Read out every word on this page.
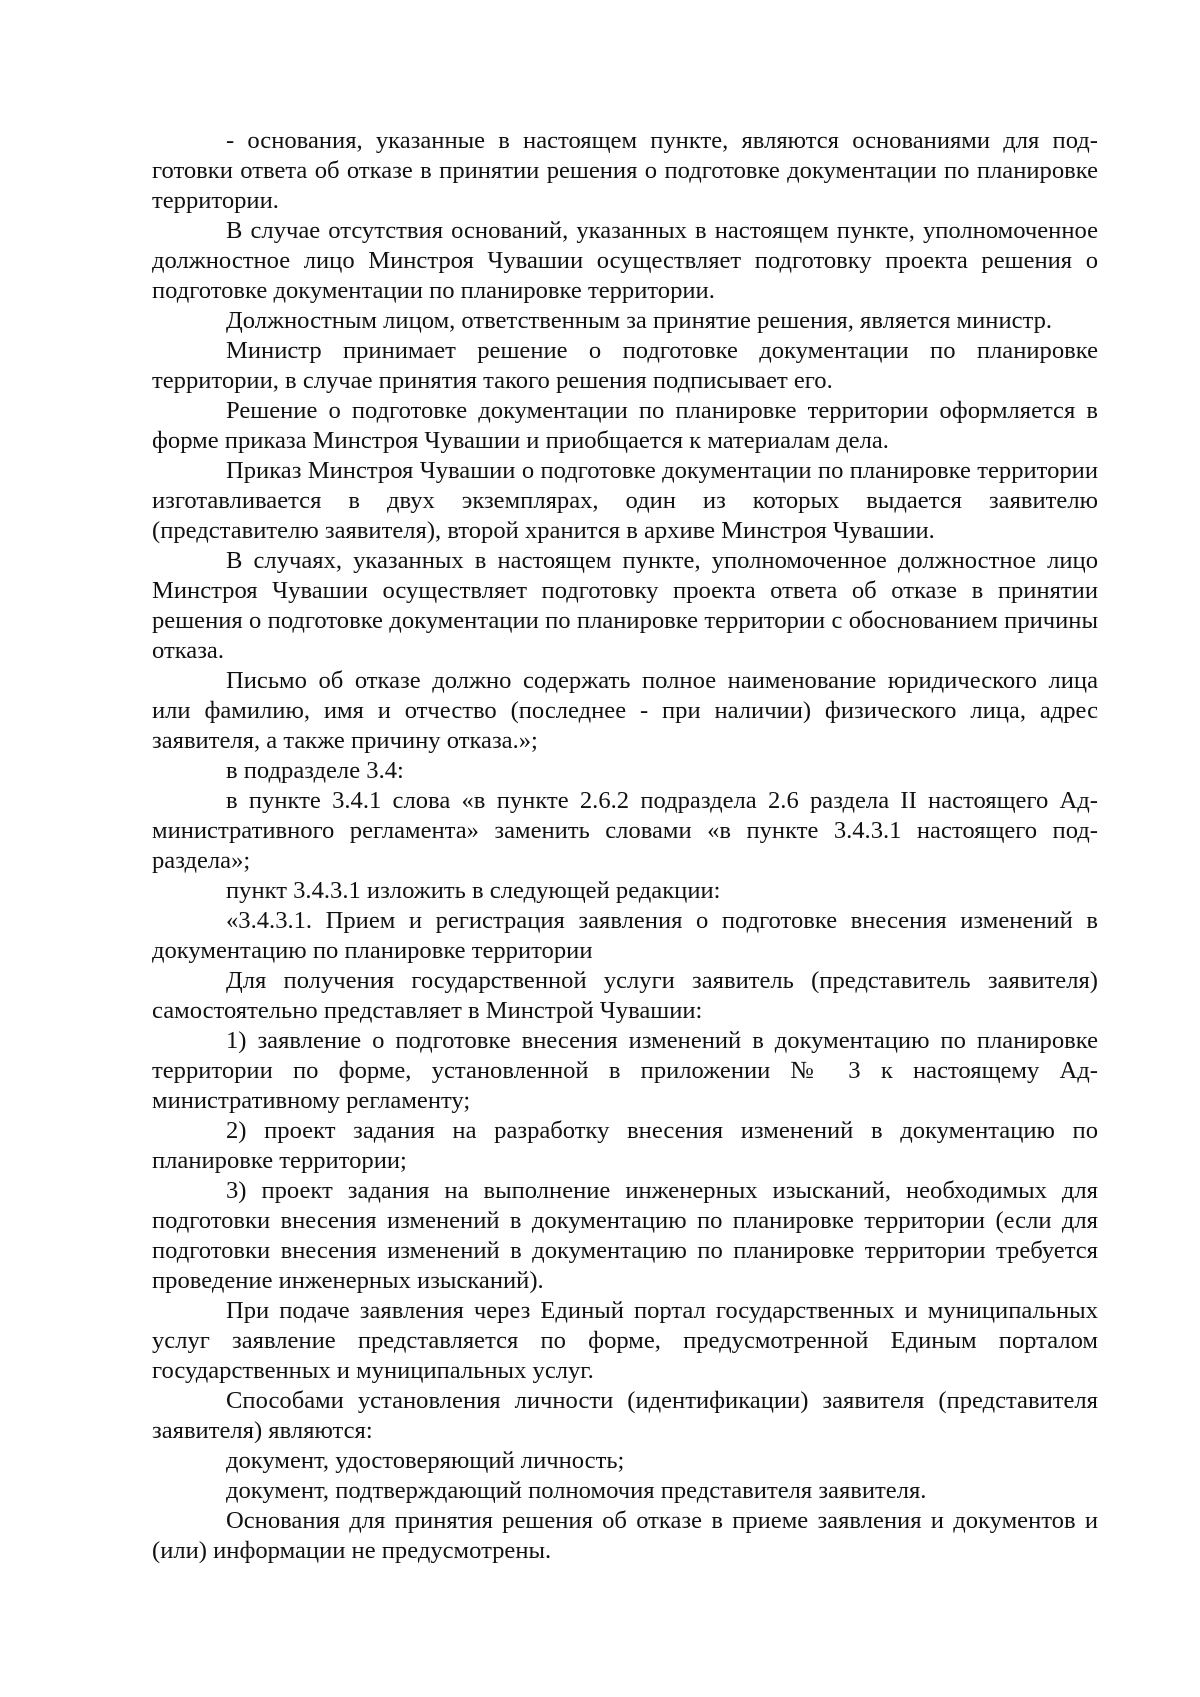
- основания, указанные в настоящем пункте, являются основаниями для подготовки ответа об отказе в принятии решения о подготовке документации по планировке территории.

В случае отсутствия оснований, указанных в настоящем пункте, уполномоченное должностное лицо Минстроя Чувашии осуществляет подготовку проекта решения о подготовке документации по планировке территории.

Должностным лицом, ответственным за принятие решения, является министр.

Министр принимает решение о подготовке документации по планировке территории, в случае принятия такого решения подписывает его.

Решение о подготовке документации по планировке территории оформляется в форме приказа Минстроя Чувашии и приобщается к материалам дела.

Приказ Минстроя Чувашии о подготовке документации по планировке территории изготавливается в двух экземплярах, один из которых выдается заявителю (представителю заявителя), второй хранится в архиве Минстроя Чувашии.

В случаях, указанных в настоящем пункте, уполномоченное должностное лицо Минстроя Чувашии осуществляет подготовку проекта ответа об отказе в принятии решения о подготовке документации по планировке территории с обоснованием причины отказа.

Письмо об отказе должно содержать полное наименование юридического лица или фамилию, имя и отчество (последнее - при наличии) физического лица, адрес заявителя, а также причину отказа.»;

в подразделе 3.4:

в пункте 3.4.1 слова «в пункте 2.6.2 подраздела 2.6 раздела II настоящего Административного регламента» заменить словами «в пункте 3.4.3.1 настоящего подраздела»;

пункт 3.4.3.1 изложить в следующей редакции:

«3.4.3.1. Прием и регистрация заявления о подготовке внесения изменений в документацию по планировке территории

Для получения государственной услуги заявитель (представитель заявителя) самостоятельно представляет в Минстрой Чувашии:

1) заявление о подготовке внесения изменений в документацию по планировке территории по форме, установленной в приложении № 3 к настоящему Административному регламенту;

2) проект задания на разработку внесения изменений в документацию по планировке территории;

3) проект задания на выполнение инженерных изысканий, необходимых для подготовки внесения изменений в документацию по планировке территории (если для подготовки внесения изменений в документацию по планировке территории требуется проведение инженерных изысканий).

При подаче заявления через Единый портал государственных и муниципальных услуг заявление представляется по форме, предусмотренной Единым порталом государственных и муниципальных услуг.

Способами установления личности (идентификации) заявителя (представителя заявителя) являются:

документ, удостоверяющий личность;

документ, подтверждающий полномочия представителя заявителя.

Основания для принятия решения об отказе в приеме заявления и документов и (или) информации не предусмотрены.
